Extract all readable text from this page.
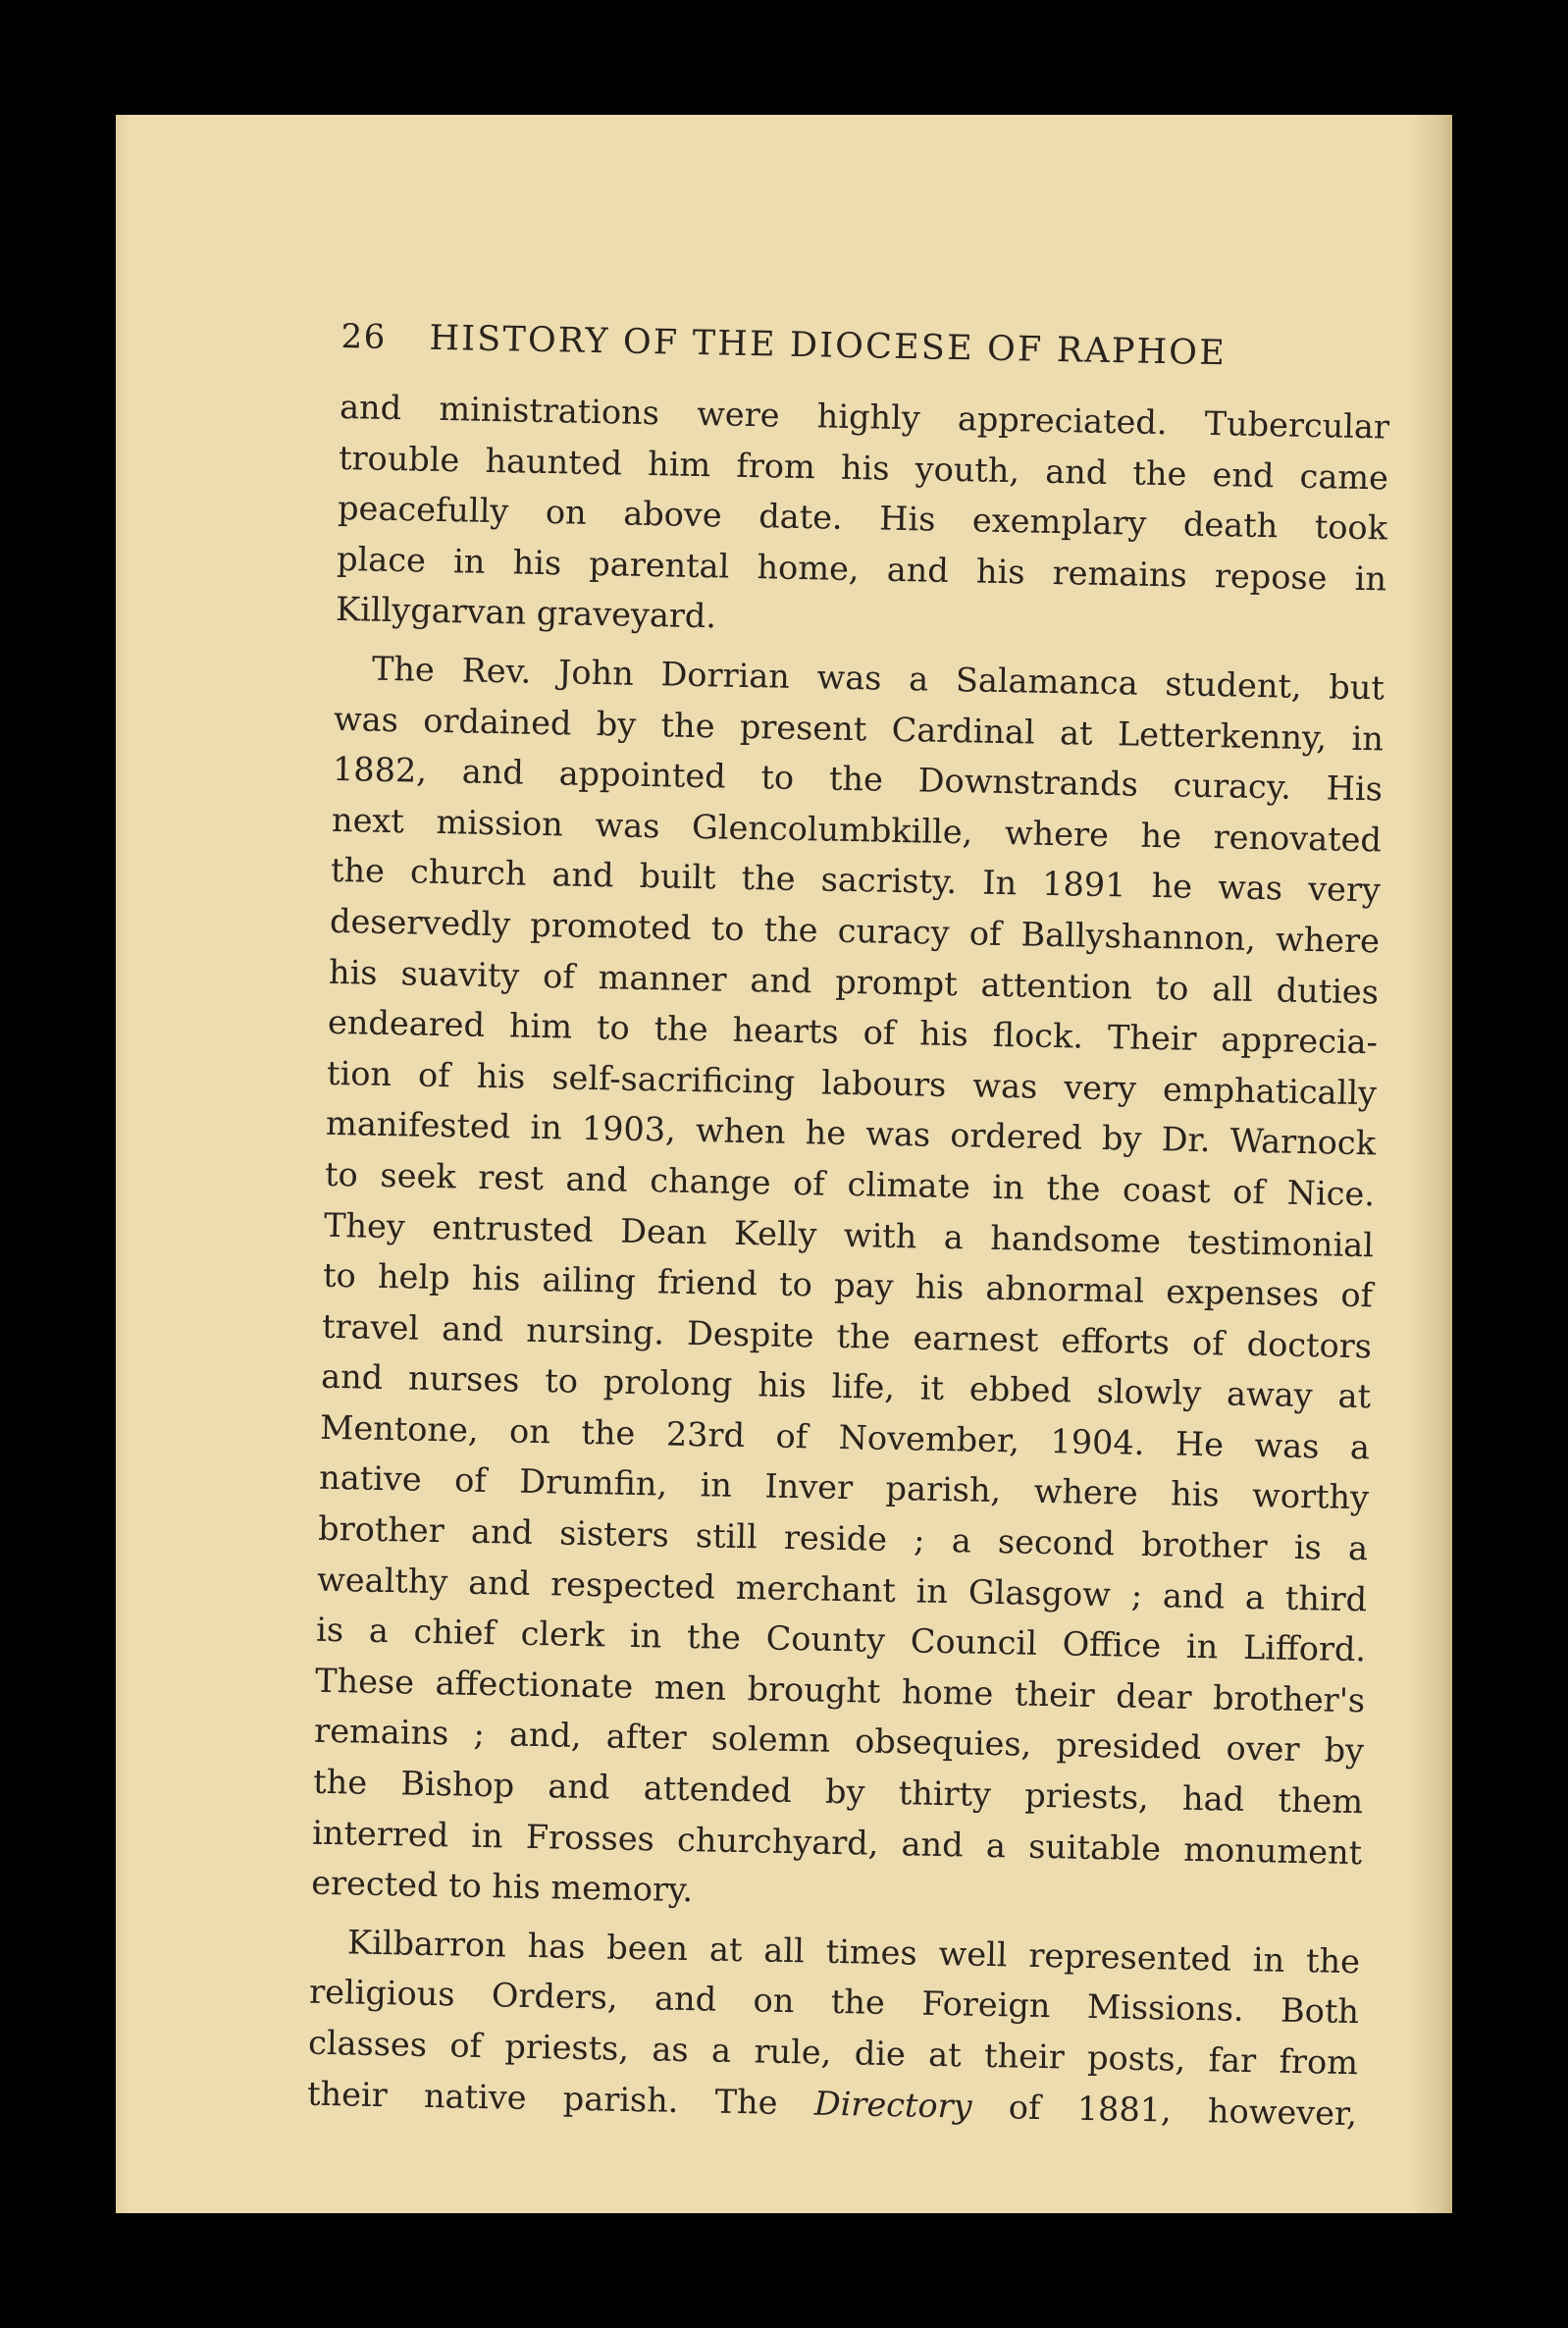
26 HISTORY OF THE DIOCESE OF RAPHOE

and ministrations were highly appreciated. Tubercular
trouble haunted him from his youth, and the end came
peacefully on above date. His exemplary death took
place in his parental home, and his remains repose in
Killygarvan graveyard.

The Rev. John Dorrian was a Salamanca student, but
was ordained by the present Cardinal at Letterkenny, in
1882, and appointed to the Downstrands curacy. His
next mission was Glencolumbkille, where he renovated
the church and built the sacristy. In 1891 he was very
deservedly promoted to the curacy of Ballyshannon, where
his suavity of manner and prompt attention to all duties
endeared him to the hearts of his flock. Their apprecia-
tion of his self-sacrificing labours was very emphatically
manifested in 1903, when he was ordered by Dr. Warnock
to seek rest and change of climate in the coast of Nice.
They entrusted Dean Kelly with a handsome testimonial
to help his ailing friend to pay his abnormal expenses of
travel and nursing. Despite the earnest efforts of doctors
and nurses to prolong his life, it ebbed slowly away at
Mentone, on the 23rd of November, 1904. He was a
native of Drumfin, in Inver parish, where his worthy
brother and sisters still reside ; a second brother is a
wealthy and respected merchant in Glasgow ; and a third
is a chief clerk in the County Council Office in Lifford.
These affectionate men brought home their dear brother's
remains ; and, after solemn obsequies, presided over by
the Bishop and attended by thirty priests, had them
interred in Frosses churchyard, and a suitable monument
erected to his memory.

Kilbarron has been at all times well represented in the
religious Orders, and on the Foreign Missions. Both
classes of priests, as a rule, die at their posts, far from
their native parish. The Directory of 1881, however,
